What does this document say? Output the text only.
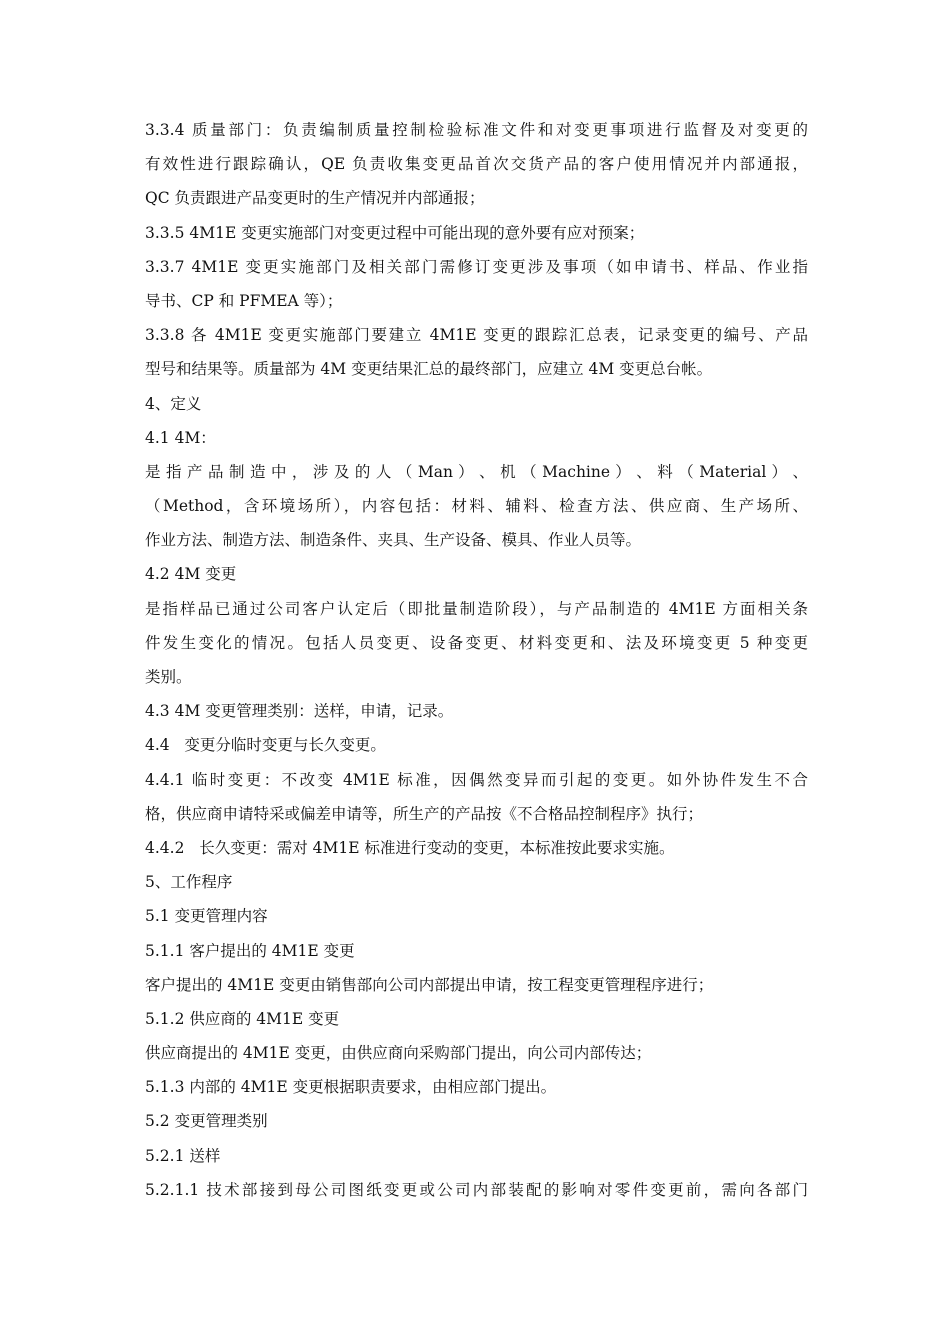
3.3.4 质量部门：负责编制质量控制检验标准文件和对变更事项进行监督及对变更的
有效性进行跟踪确认，QE 负责收集变更品首次交货产品的客户使用情况并内部通报，
QC 负责跟进产品变更时的生产情况并内部通报；
3.3.5 4M1E 变更实施部门对变更过程中可能出现的意外要有应对预案；
3.3.7 4M1E 变更实施部门及相关部门需修订变更涉及事项（如申请书、样品、作业指
导书、CP 和 PFMEA 等）；
3.3.8 各 4M1E 变更实施部门要建立 4M1E 变更的跟踪汇总表，记录变更的编号、产品
型号和结果等。质量部为 4M 变更结果汇总的最终部门，应建立 4M 变更总台帐。
4、定义
4.1 4M：
是 指 产 品 制 造 中 ， 涉 及 的 人 （ Man ） 、 机 （ Machine ） 、 料 （ Material ） 、
（Method，含环境场所），内容包括：材料、辅料、检查方法、供应商、生产场所、
作业方法、制造方法、制造条件、夹具、生产设备、模具、作业人员等。
4.2 4M 变更
是指样品已通过公司客户认定后（即批量制造阶段），与产品制造的 4M1E 方面相关条
件发生变化的情况。包括人员变更、设备变更、材料变更和、法及环境变更 5 种变更
类别。
4.3 4M 变更管理类别：送样，申请，记录。
4.4   变更分临时变更与长久变更。
4.4.1 临时变更：不改变 4M1E 标准，因偶然变异而引起的变更。如外协件发生不合
格，供应商申请特采或偏差申请等，所生产的产品按《不合格品控制程序》执行；
4.4.2   长久变更：需对 4M1E 标准进行变动的变更，本标准按此要求实施。
5、工作程序
5.1 变更管理内容
5.1.1 客户提出的 4M1E 变更
客户提出的 4M1E 变更由销售部向公司内部提出申请，按工程变更管理程序进行；
5.1.2 供应商的 4M1E 变更
供应商提出的 4M1E 变更，由供应商向采购部门提出，向公司内部传达；
5.1.3 内部的 4M1E 变更根据职责要求，由相应部门提出。
5.2 变更管理类别
5.2.1 送样
5.2.1.1 技术部接到母公司图纸变更或公司内部装配的影响对零件变更前，需向各部门
